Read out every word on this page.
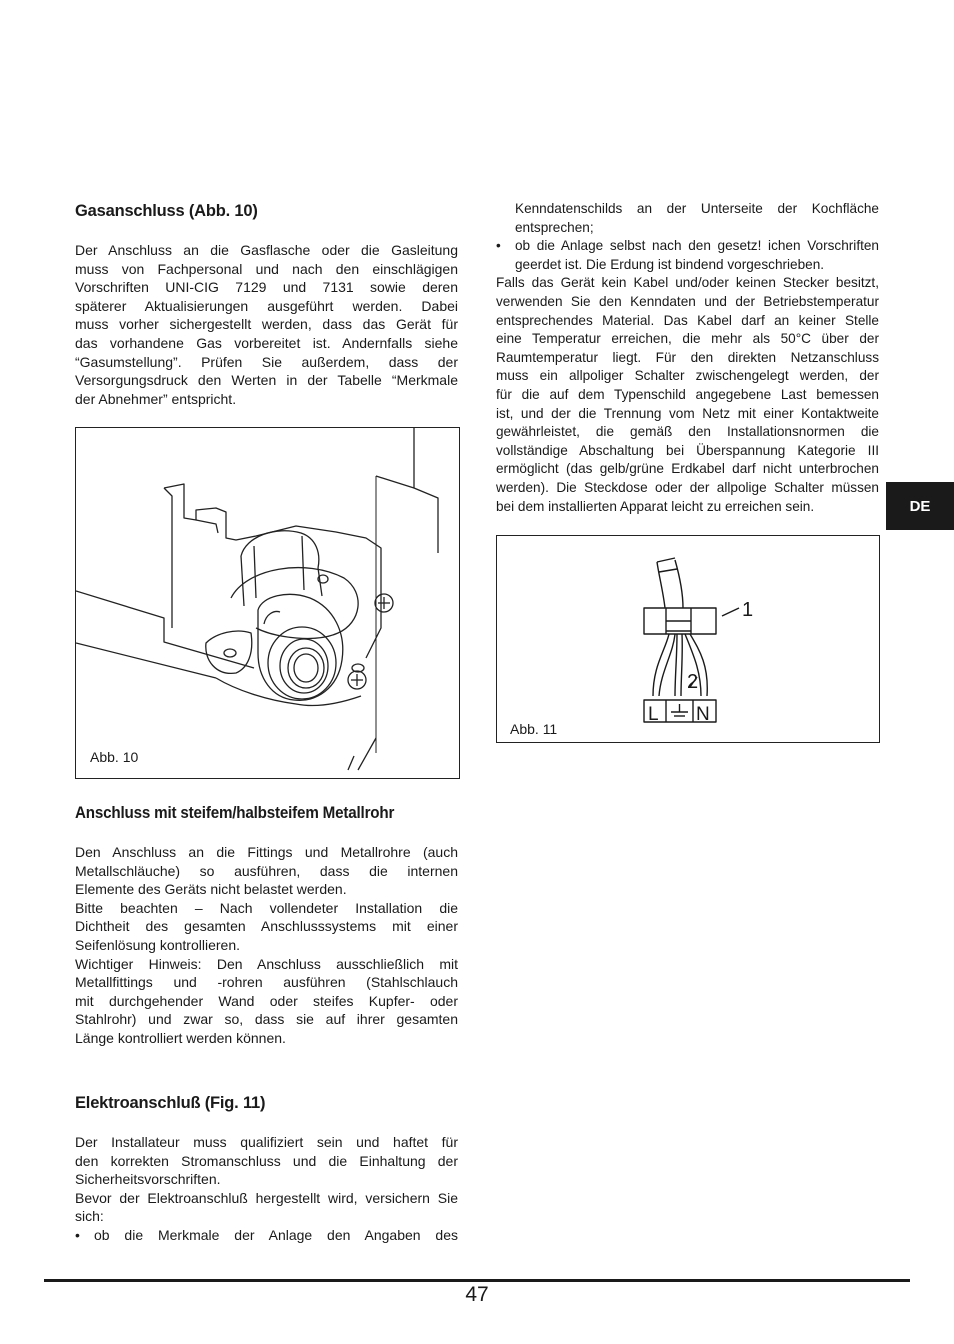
Gasanschluss (Abb. 10)
Der Anschluss an die Gasflasche oder die Gasleitung
muss von Fachpersonal und nach den einschlägigen
Vorschriften UNI-CIG 7129 und 7131 sowie deren
späterer Aktualisierungen ausgeführt werden. Dabei
muss vorher sichergestellt werden, dass das Gerät für
das vorhandene Gas vorbereitet ist. Andernfalls siehe
“Gasumstellung”. Prüfen Sie außerdem, dass der
Versorgungsdruck den Werten in der Tabelle “Merkmale
der Abnehmer” entspricht.
Abb. 10
Anschluss mit steifem/halbsteifem Metallrohr
Den Anschluss an die Fittings und Metallrohre (auch
Metallschläuche) so ausführen, dass die internen
Elemente des Geräts nicht belastet werden.
Bitte beachten – Nach vollendeter Installation die
Dichtheit des gesamten Anschlusssystems mit einer
Seifenlösung kontrollieren.
Wichtiger Hinweis: Den Anschluss ausschließlich mit
Metallfittings und -rohren ausführen (Stahlschlauch
mit durchgehender Wand oder steifes Kupfer- oder
Stahlrohr) und zwar so, dass sie auf ihrer gesamten
Länge kontrolliert werden können.
Elektroanschluß (Fig. 11)
Der Installateur muss qualifiziert sein und haftet für
den korrekten Stromanschluss und die Einhaltung der
Sicherheitsvorschriften.
Bevor der Elektroanschluß hergestellt wird, versichern Sie
sich:
• ob die Merkmale der Anlage den Angaben des
Kenndatenschilds an der Unterseite der Kochfläche
entsprechen;
• ob die Anlage selbst nach den gesetz! ichen Vorschriften
geerdet ist. Die Erdung ist bindend vorgeschrieben.
Falls das Gerät kein Kabel und/oder keinen Stecker besitzt,
verwenden Sie den Kenndaten und der Betriebstemperatur
entsprechendes Material. Das Kabel darf an keiner Stelle
eine Temperatur erreichen, die mehr als 50°C über der
Raumtemperatur liegt. Für den direkten Netzanschluss
muss ein allpoliger Schalter zwischengelegt werden, der
für die auf dem Typenschild angegebene Last bemessen
ist, und der die Trennung vom Netz mit einer Kontaktweite
gewährleistet, die gemäß den Installationsnormen die
vollständige Abschaltung bei Überspannung Kategorie III
ermöglicht (das gelb/grüne Erdkabel darf nicht unterbrochen
werden). Die Steckdose oder der allpolige Schalter müssen
bei dem installierten Apparat leicht zu erreichen sein.
1
2
L N
Abb. 11
DE
47
